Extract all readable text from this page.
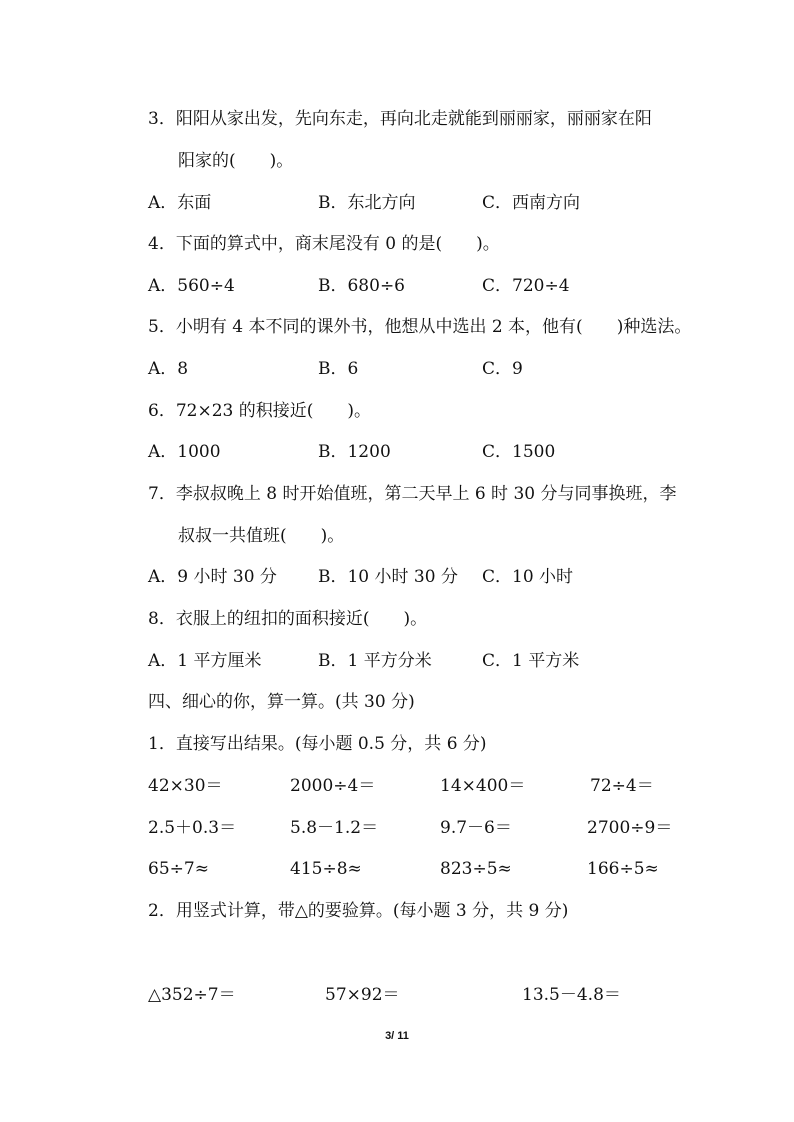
3．阳阳从家出发，先向东走，再向北走就能到丽丽家，丽丽家在阳
阳家的(　　)。
A．东面	B．东北方向	C．西南方向
4．下面的算式中，商末尾没有 0 的是(　　)。
A．560÷4	B．680÷6	C．720÷4
5．小明有 4 本不同的课外书，他想从中选出 2 本，他有(　　)种选法。
A．8	B．6	C．9
6．72×23 的积接近(　　)。
A．1000	B．1200	C．1500
7．李叔叔晚上 8 时开始值班，第二天早上 6 时 30 分与同事换班，李
叔叔一共值班(　　)。
A．9 小时 30 分 B．10 小时 30 分 C．10 小时
8．衣服上的纽扣的面积接近(　　)。
A．1 平方厘米	B．1 平方分米	C．1 平方米
四、细心的你，算一算。(共 30 分)
1．直接写出结果。(每小题 0.5 分，共 6 分)
42×30＝	2000÷4＝	14×400＝	72÷4＝
2.5＋0.3＝	5.8－1.2＝	9.7－6＝	2700÷9＝
65÷7≈	415÷8≈	823÷5≈	166÷5≈
2．用竖式计算，带△的要验算。(每小题 3 分，共 9 分)
△352÷7＝	57×92＝	13.5－4.8＝
3/ 11
